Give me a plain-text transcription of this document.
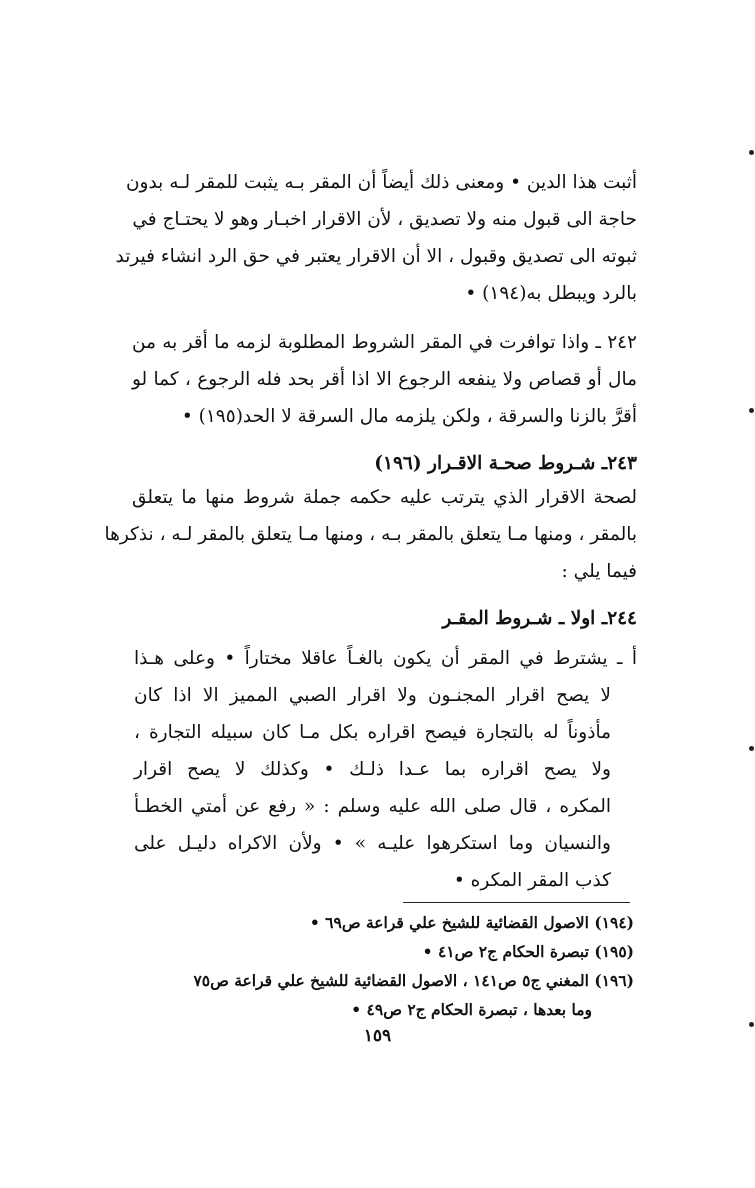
أثبت هذا الدين • ومعنى ذلك أيضاً أن المقر بـه يثبت للمقر لـه بدون
حاجة الى قبول منه ولا تصديق ، لأن الاقرار اخبـار وهو لا يحتـاج في
ثبوته الى تصديق وقبول ، الا أن الاقرار يعتبر في حق الرد انشاء فيرتد
بالرد ويبطل به(١٩٤) •
٢٤٢ ـ واذا توافرت في المقر الشروط المطلوبة لزمه ما أقر به من
مال أو قصاص ولا ينفعه الرجوع الا اذا أقر بحد فله الرجوع ، كما لو
أقرَّ بالزنا والسرقة ، ولكن يلزمه مال السرقة لا الحد(١٩٥) •
٢٤٣ـ شـروط صحـة الاقـرار (١٩٦)
لصحة الاقرار الذي يترتب عليه حكمه جملة شروط منها ما يتعلق
بالمقر ، ومنها مـا يتعلق بالمقر بـه ، ومنها مـا يتعلق بالمقر لـه ، نذكرها
فيما يلي :
٢٤٤ـ اولا ـ شـروط المقـر
أ ـ يشترط في المقر أن يكون بالغـاً عاقلا مختاراً • وعلى هـذا
لا يصح اقرار المجنـون ولا اقرار الصبي المميز الا اذا كان
مأذوناً له بالتجارة فيصح اقراره بكل مـا كان سبيله التجارة ،
ولا يصح اقراره بما عـدا ذلـك • وكذلك لا يصح اقرار
المكره ، قال صلى الله عليه وسلم : « رفع عن أمتي الخطـأ
والنسيان وما استكرهوا عليـه » • ولأن الاكراه دليـل على
كذب المقر المكره •
(١٩٤) الاصول القضائية للشيخ علي قراعة ص٦٩ •
(١٩٥) تبصرة الحكام ج٢ ص٤١ •
(١٩٦) المغني ج٥ ص١٤١ ، الاصول القضائية للشيخ علي قراعة ص٧٥
وما بعدها ، تبصرة الحكام ج٢ ص٤٩ •
١٥٩
